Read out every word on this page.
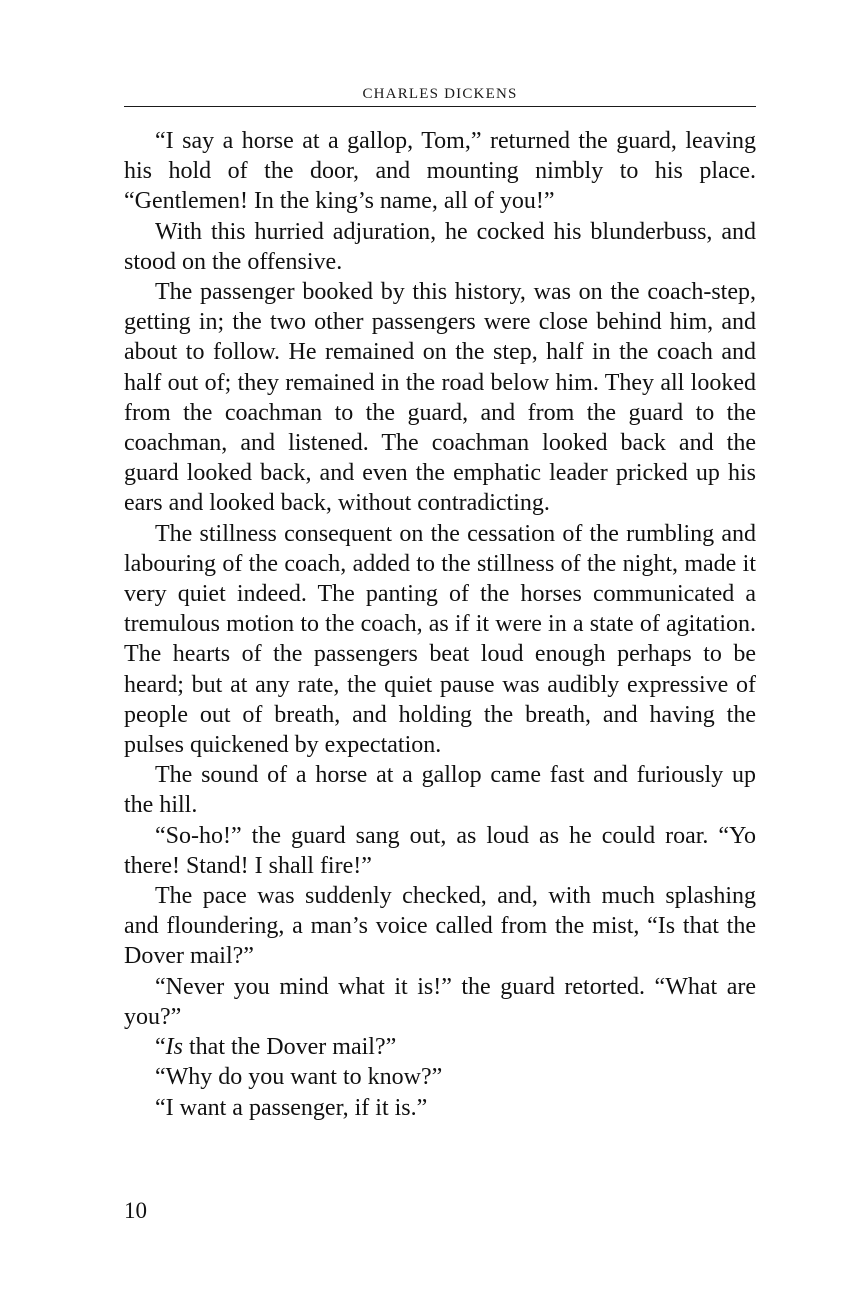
CHARLES DICKENS

“I say a horse at a gallop, Tom,” returned the guard, leaving his hold of the door, and mounting nimbly to his place. “Gentlemen! In the king’s name, all of you!”

With this hurried adjuration, he cocked his blunderbuss, and stood on the offensive.

The passenger booked by this history, was on the coach-step, getting in; the two other passengers were close behind him, and about to follow. He remained on the step, half in the coach and half out of; they remained in the road below him. They all looked from the coachman to the guard, and from the guard to the coachman, and listened. The coachman looked back and the guard looked back, and even the emphatic leader pricked up his ears and looked back, without contradicting.

The stillness consequent on the cessation of the rumbling and labouring of the coach, added to the stillness of the night, made it very quiet indeed. The panting of the horses communicated a tremulous motion to the coach, as if it were in a state of agitation. The hearts of the passengers beat loud enough perhaps to be heard; but at any rate, the quiet pause was audibly expressive of people out of breath, and holding the breath, and having the pulses quickened by expectation.

The sound of a horse at a gallop came fast and furiously up the hill.

“So-ho!” the guard sang out, as loud as he could roar. “Yo there! Stand! I shall fire!”

The pace was suddenly checked, and, with much splashing and floundering, a man’s voice called from the mist, “Is that the Dover mail?”

“Never you mind what it is!” the guard retorted. “What are you?”

“Is that the Dover mail?”

“Why do you want to know?”

“I want a passenger, if it is.”

10
